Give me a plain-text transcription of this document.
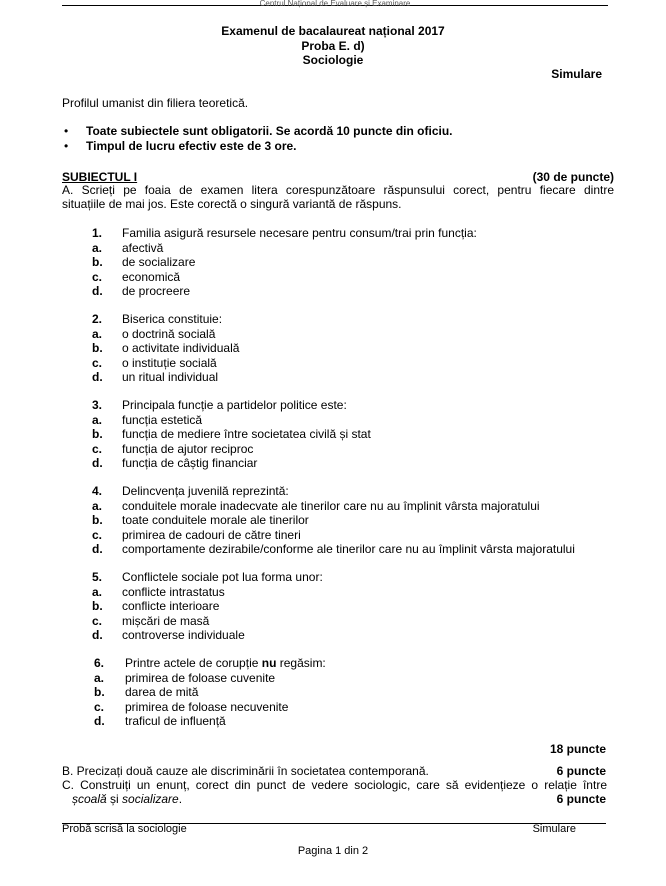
Centrul Național de Evaluare și Examinare
Examenul de bacalaureat național 2017
Proba E. d)
Sociologie
Simulare
Profilul umanist din filiera teoretică.
• Toate subiectele sunt obligatorii. Se acordă 10 puncte din oficiu.
• Timpul de lucru efectiv este de 3 ore.
SUBIECTUL I	(30 de puncte)
A. Scrieți pe foaia de examen litera corespunzătoare răspunsului corect, pentru fiecare dintre
situațiile de mai jos. Este corectă o singură variantă de răspuns.
1. Familia asigură resursele necesare pentru consum/trai prin funcția:
a. afectivă
b. de socializare
c. economică
d. de procreere
2. Biserica constituie:
a. o doctrină socială
b. o activitate individuală
c. o instituție socială
d. un ritual individual
3. Principala funcție a partidelor politice este:
a. funcția estetică
b. funcția de mediere între societatea civilă și stat
c. funcția de ajutor reciproc
d. funcția de câștig financiar
4. Delincvența juvenilă reprezintă:
a. conduitele morale inadecvate ale tinerilor care nu au împlinit vârsta majoratului
b. toate conduitele morale ale tinerilor
c. primirea de cadouri de către tineri
d. comportamente dezirabile/conforme ale tinerilor care nu au împlinit vârsta majoratului
5. Conflictele sociale pot lua forma unor:
a. conflicte intrastatus
b. conflicte interioare
c. mișcări de masă
d. controverse individuale
6. Printre actele de corupție nu regăsim:
a. primirea de foloase cuvenite
b. darea de mită
c. primirea de foloase necuvenite
d. traficul de influență
18 puncte
B. Precizați două cauze ale discriminării în societatea contemporană.	6 puncte
C. Construiți un enunț, corect din punct de vedere sociologic, care să evidențieze o relație între
școală și socializare.	6 puncte
Probă scrisă la sociologie	Simulare
Pagina 1 din 2
